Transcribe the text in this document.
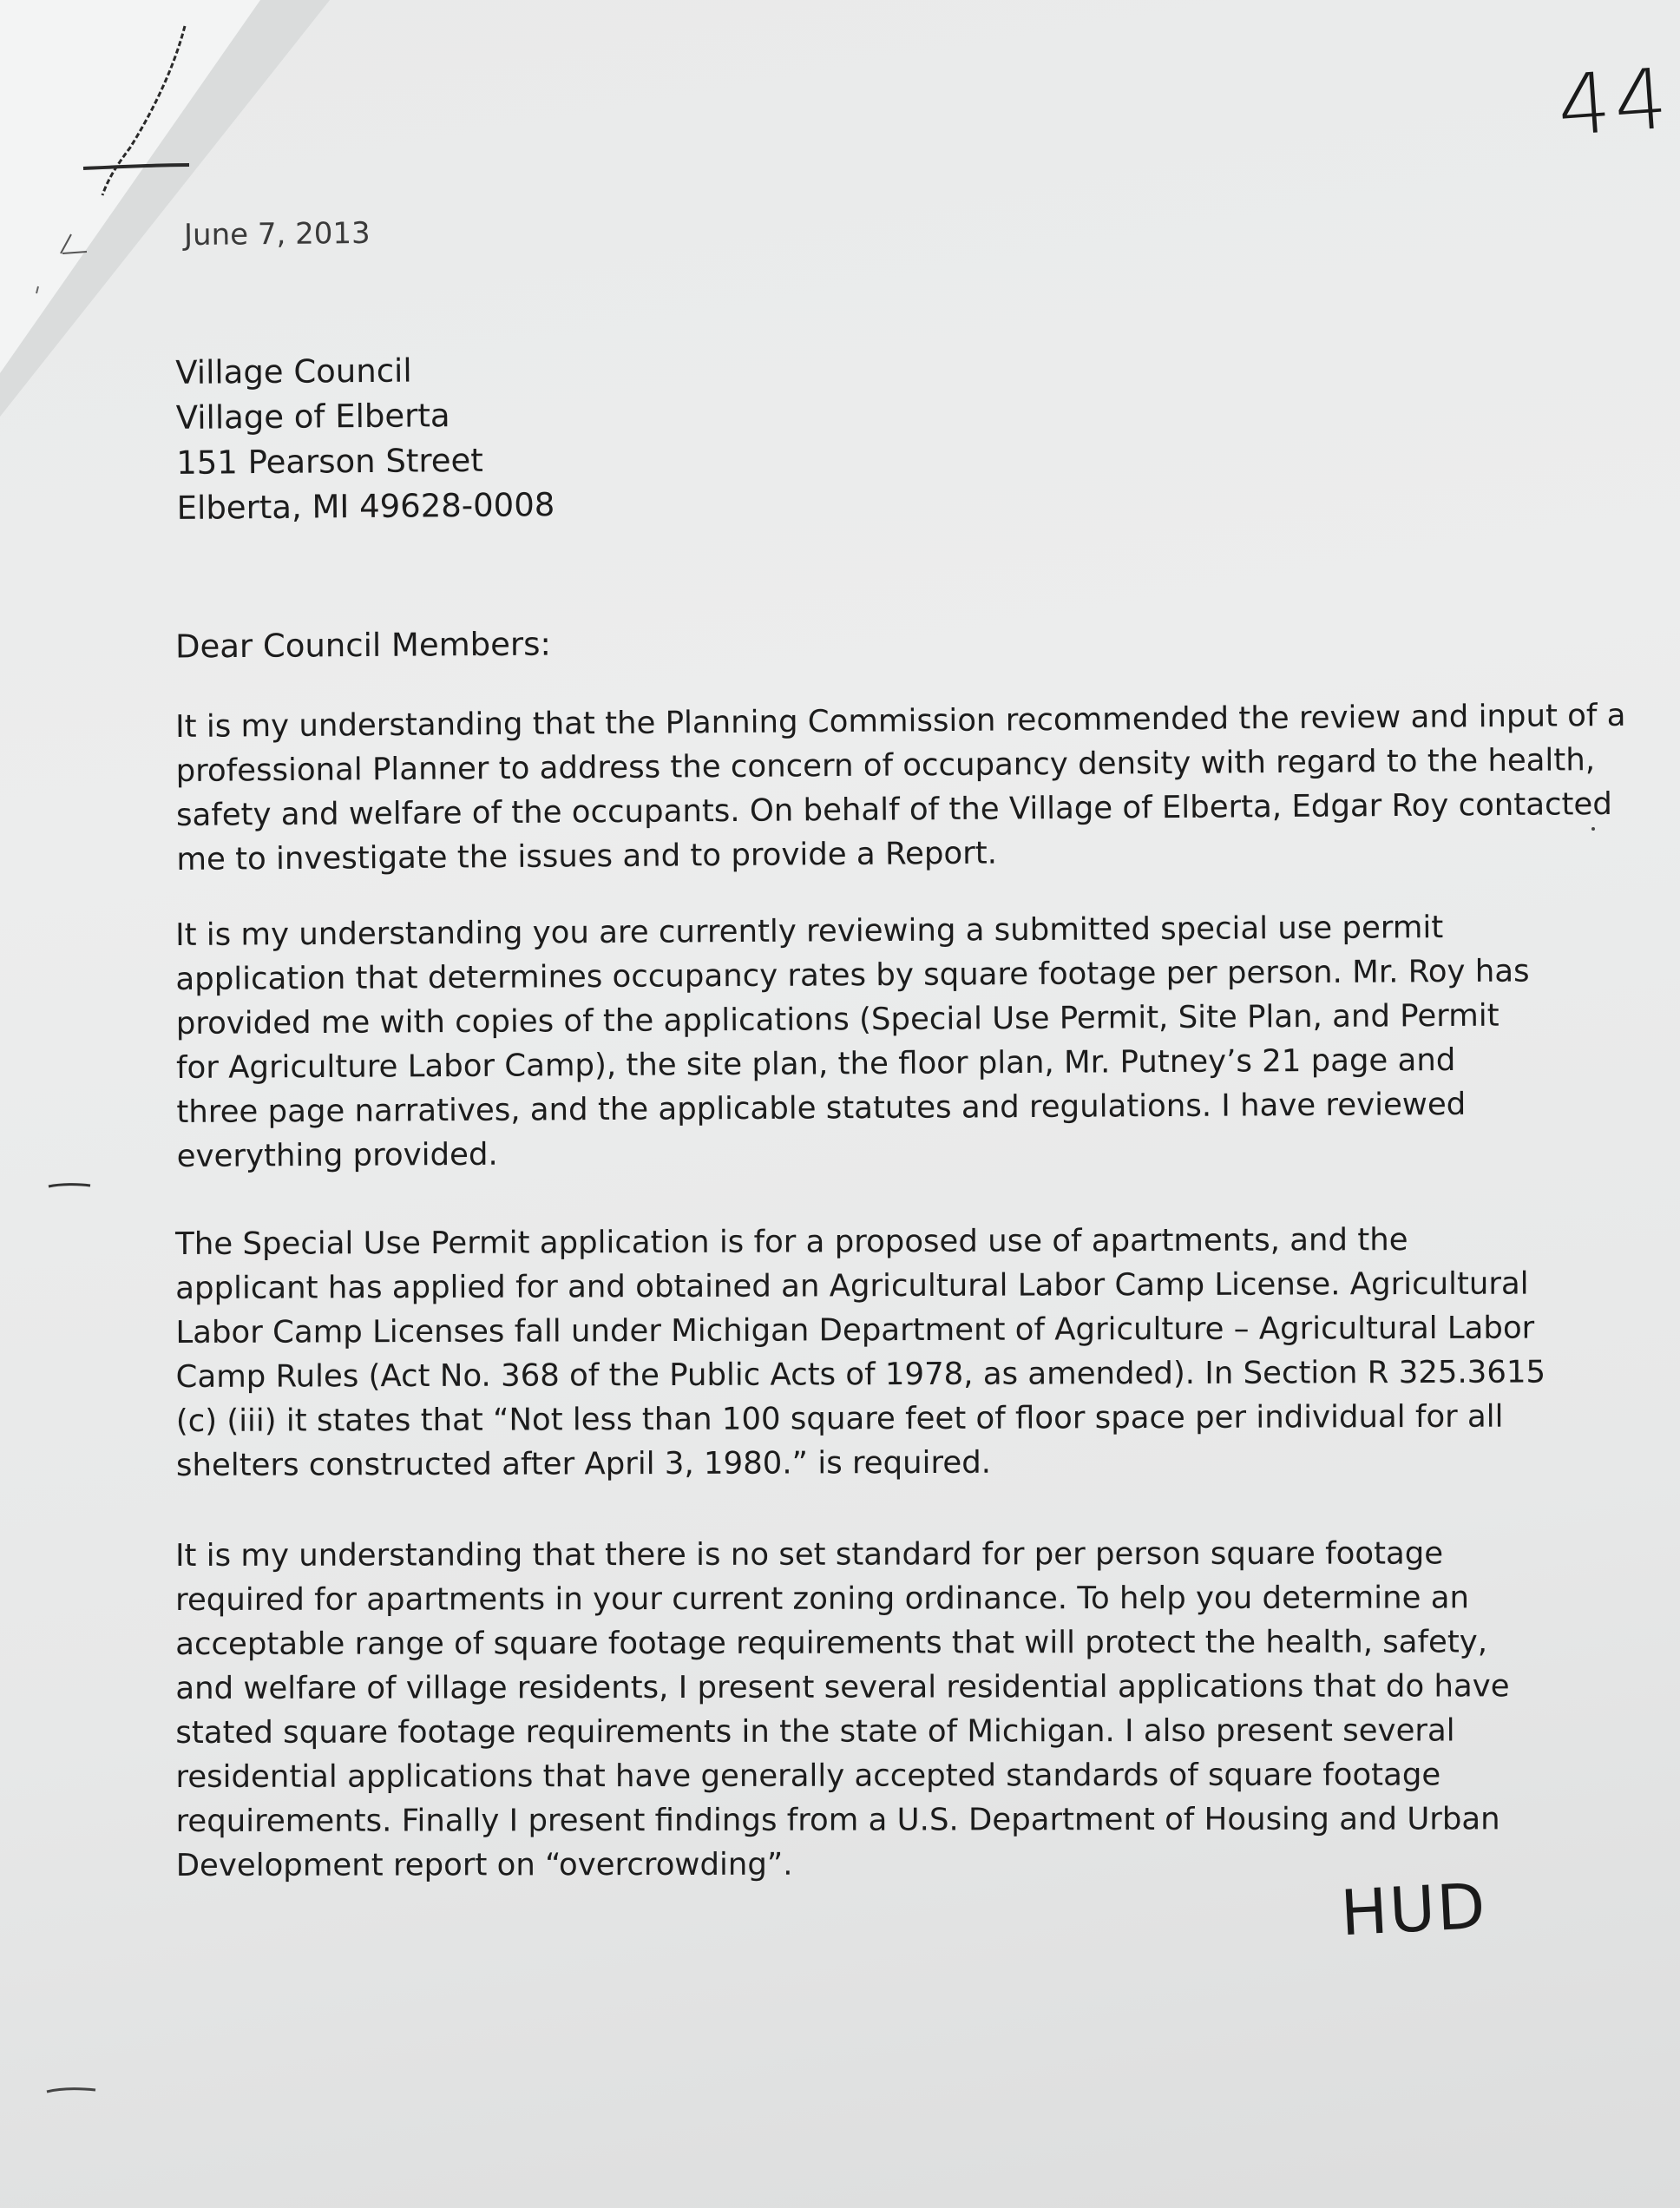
June 7, 2013
Village Council
Village of Elberta
151 Pearson Street
Elberta, MI 49628-0008
Dear Council Members:
It is my understanding that the Planning Commission recommended the review and input of a
professional Planner to address the concern of occupancy density with regard to the health,
safety and welfare of the occupants. On behalf of the Village of Elberta, Edgar Roy contacted
me to investigate the issues and to provide a Report.
It is my understanding you are currently reviewing a submitted special use permit
application that determines occupancy rates by square footage per person. Mr. Roy has
provided me with copies of the applications (Special Use Permit, Site Plan, and Permit
for Agriculture Labor Camp), the site plan, the floor plan, Mr. Putney’s 21 page and
three page narratives, and the applicable statutes and regulations. I have reviewed
everything provided.
The Special Use Permit application is for a proposed use of apartments, and the
applicant has applied for and obtained an Agricultural Labor Camp License. Agricultural
Labor Camp Licenses fall under Michigan Department of Agriculture – Agricultural Labor
Camp Rules (Act No. 368 of the Public Acts of 1978, as amended). In Section R 325.3615
(c) (iii) it states that “Not less than 100 square feet of floor space per individual for all
shelters constructed after April 3, 1980.” is required.
It is my understanding that there is no set standard for per person square footage
required for apartments in your current zoning ordinance. To help you determine an
acceptable range of square footage requirements that will protect the health, safety,
and welfare of village residents, I present several residential applications that do have
stated square footage requirements in the state of Michigan. I also present several
residential applications that have generally accepted standards of square footage
requirements. Finally I present findings from a U.S. Department of Housing and Urban
Development report on “overcrowding”.
44
HUD
